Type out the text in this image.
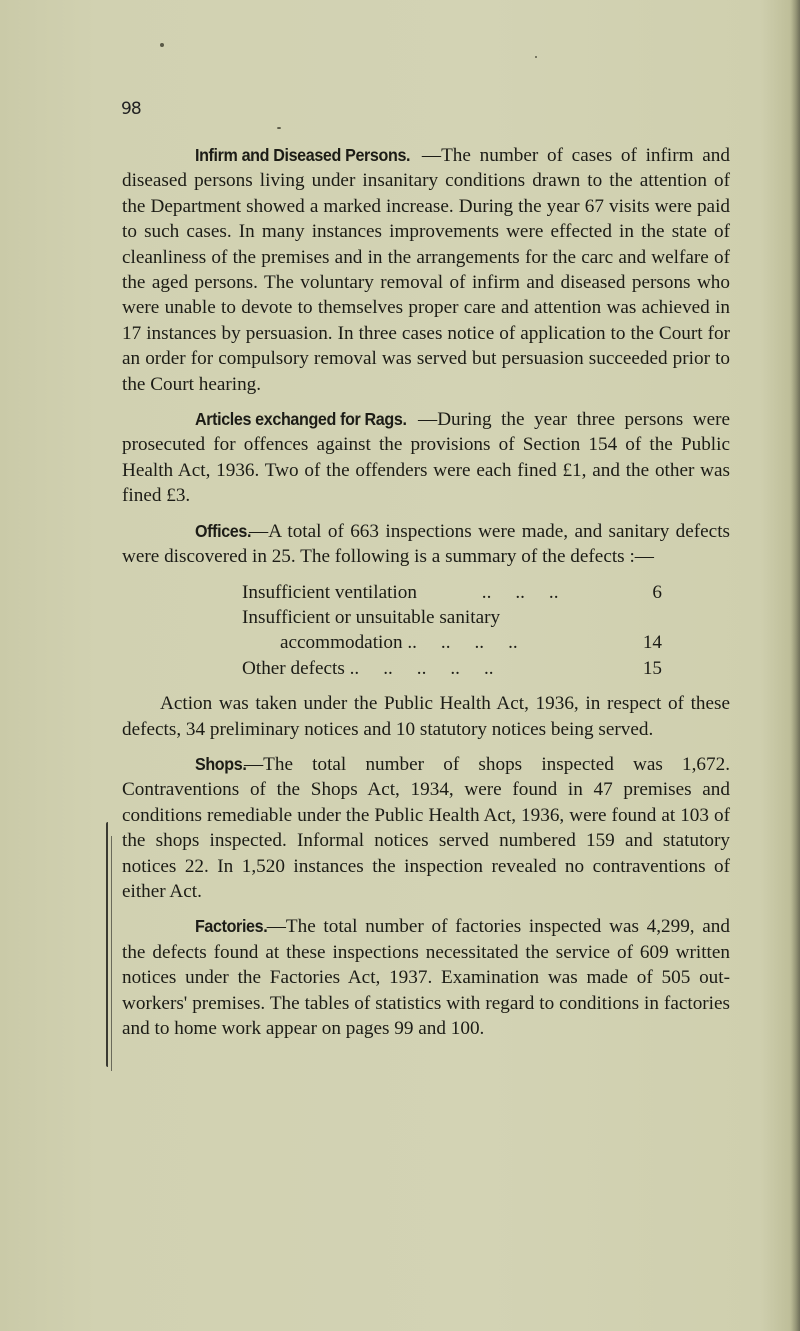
98

Infirm and Diseased Persons. —The number of cases of infirm and diseased persons living under insanitary conditions drawn to the attention of the Department showed a marked increase. During the year 67 visits were paid to such cases. In many instances improvements were effected in the state of cleanliness of the premises and in the arrangements for the carc and welfare of the aged persons. The voluntary removal of infirm and diseased persons who were unable to devote to themselves proper care and attention was achieved in 17 instances by persuasion. In three cases notice of application to the Court for an order for compulsory removal was served but persuasion succeeded prior to the Court hearing.

Articles exchanged for Rags. —During the year three persons were prosecuted for offences against the provisions of Section 154 of the Public Health Act, 1936. Two of the offenders were each fined £1, and the other was fined £3.

Offices.—A total of 663 inspections were made, and sanitary defects were discovered in 25. The following is a summary of the defects :—

Insufficient ventilation	..     ..     ..	6
Insufficient or unsuitable sanitary
accommodation ..     ..     ..     ..	14
Other defects ..     ..     ..     ..     ..	15

Action was taken under the Public Health Act, 1936, in respect of these defects, 34 preliminary notices and 10 statutory notices being served.

Shops.—The total number of shops inspected was 1,672. Contraventions of the Shops Act, 1934, were found in 47 premises and conditions remediable under the Public Health Act, 1936, were found at 103 of the shops inspected. Informal notices served numbered 159 and statutory notices 22. In 1,520 instances the inspection revealed no contraventions of either Act.

Factories.—The total number of factories inspected was 4,299, and the defects found at these inspections necessitated the service of 609 written notices under the Factories Act, 1937. Examination was made of 505 out-workers' premises. The tables of statistics with regard to conditions in factories and to home work appear on pages 99 and 100.
